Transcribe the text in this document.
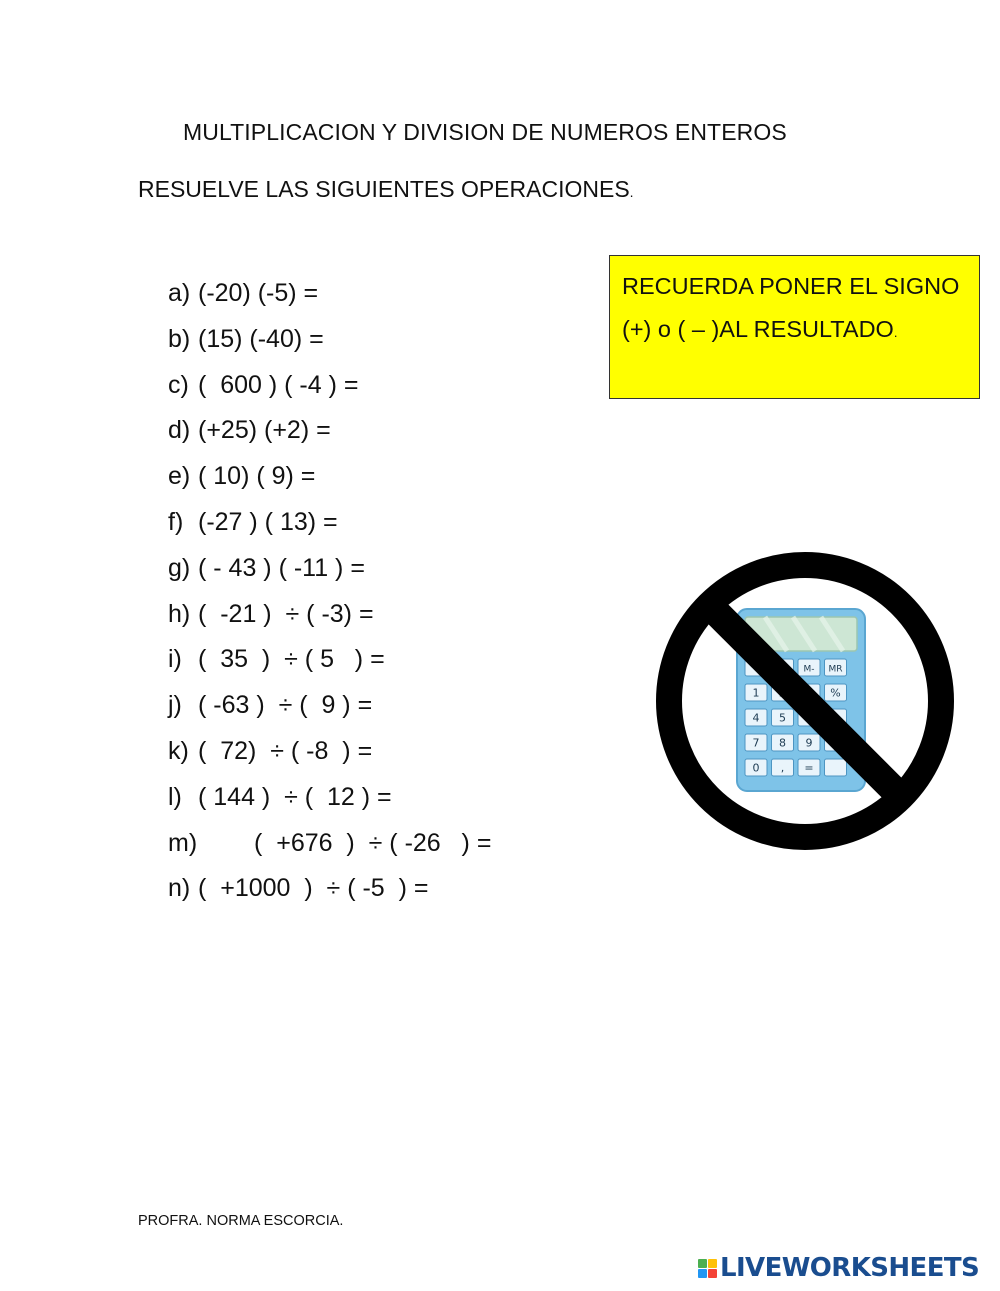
MULTIPLICACION Y DIVISION DE NUMEROS ENTEROS
RESUELVE LAS SIGUIENTES OPERACIONES.
a) (-20) (-5) =
b) (15) (-40) =
c) (  600 ) ( -4 ) =
d) (+25) (+2) =
e) ( 10) ( 9) =
f) (-27 ) ( 13) =
g) ( - 43 ) ( -11 ) =
h) (  -21 )  ÷ ( -3) =
i) (  35  )  ÷ ( 5   ) =
j) ( -63 )  ÷ (  9 ) =
k) (  72)  ÷ ( -8  ) =
l) ( 144 )  ÷ (  12 ) =
m)	(  +676  )  ÷ ( -26   ) =
n) (  +1000  )  ÷ ( -5  ) =
RECUERDA PONER EL SIGNO
(+) o ( – )AL RESULTADO.
M- MR
1	%
4 5
7 8 9
0 , =
PROFRA. NORMA ESCORCIA.
LIVEWORKSHEETS
